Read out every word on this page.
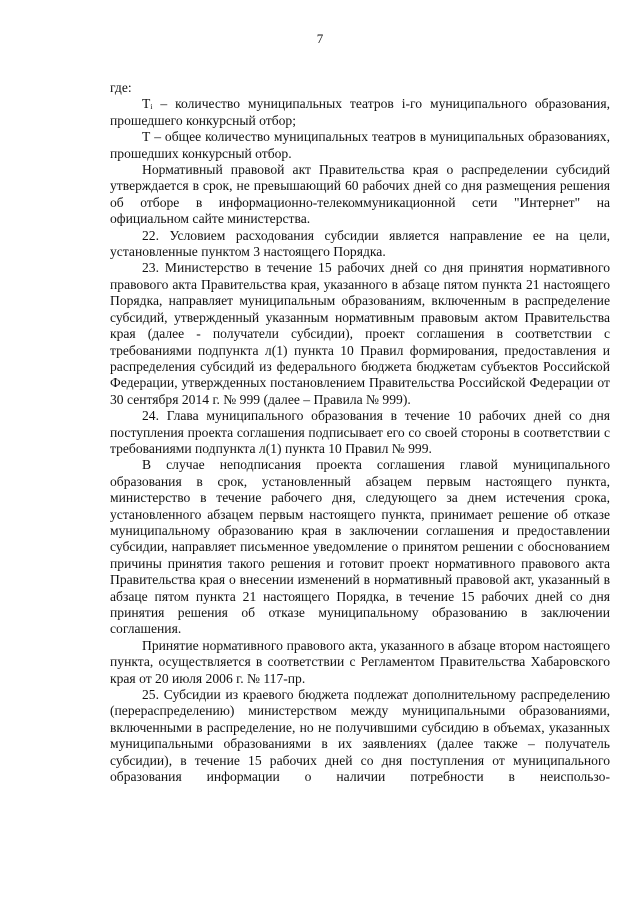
7

где:

Tᵢ – количество муниципальных театров i-го муниципального образования, прошедшего конкурсный отбор;

Т – общее количество муниципальных театров в муниципальных образованиях, прошедших конкурсный отбор.

Нормативный правовой акт Правительства края о распределении субсидий утверждается в срок, не превышающий 60 рабочих дней со дня размещения решения об отборе в информационно-телекоммуникационной сети "Интернет" на официальном сайте министерства.

22. Условием расходования субсидии является направление ее на цели, установленные пунктом 3 настоящего Порядка.

23. Министерство в течение 15 рабочих дней со дня принятия нормативного правового акта Правительства края, указанного в абзаце пятом пункта 21 настоящего Порядка, направляет муниципальным образованиям, включенным в распределение субсидий, утвержденный указанным нормативным правовым актом Правительства края (далее - получатели субсидии), проект соглашения в соответствии с требованиями подпункта л(1) пункта 10 Правил формирования, предоставления и распределения субсидий из федерального бюджета бюджетам субъектов Российской Федерации, утвержденных постановлением Правительства Российской Федерации от 30 сентября 2014 г. № 999 (далее – Правила № 999).

24. Глава муниципального образования в течение 10 рабочих дней со дня поступления проекта соглашения подписывает его со своей стороны в соответствии с требованиями подпункта л(1) пункта 10 Правил № 999.

В случае неподписания проекта соглашения главой муниципального образования в срок, установленный абзацем первым настоящего пункта, министерство в течение рабочего дня, следующего за днем истечения срока, установленного абзацем первым настоящего пункта, принимает решение об отказе муниципальному образованию края в заключении соглашения и предоставлении субсидии, направляет письменное уведомление о принятом решении с обоснованием причины принятия такого решения и готовит проект нормативного правового акта Правительства края о внесении изменений в нормативный правовой акт, указанный в абзаце пятом пункта 21 настоящего Порядка, в течение 15 рабочих дней со дня принятия решения об отказе муниципальному образованию в заключении соглашения.

Принятие нормативного правового акта, указанного в абзаце втором настоящего пункта, осуществляется в соответствии с Регламентом Правительства Хабаровского края от 20 июля 2006 г. № 117-пр.

25. Субсидии из краевого бюджета подлежат дополнительному распределению (перераспределению) министерством между муниципальными образованиями, включенными в распределение, но не получившими субсидию в объемах, указанных муниципальными образованиями в их заявлениях (далее также – получатель субсидии), в течение 15 рабочих дней со дня поступления от муниципального образования информации о наличии потребности в неиспользо-
